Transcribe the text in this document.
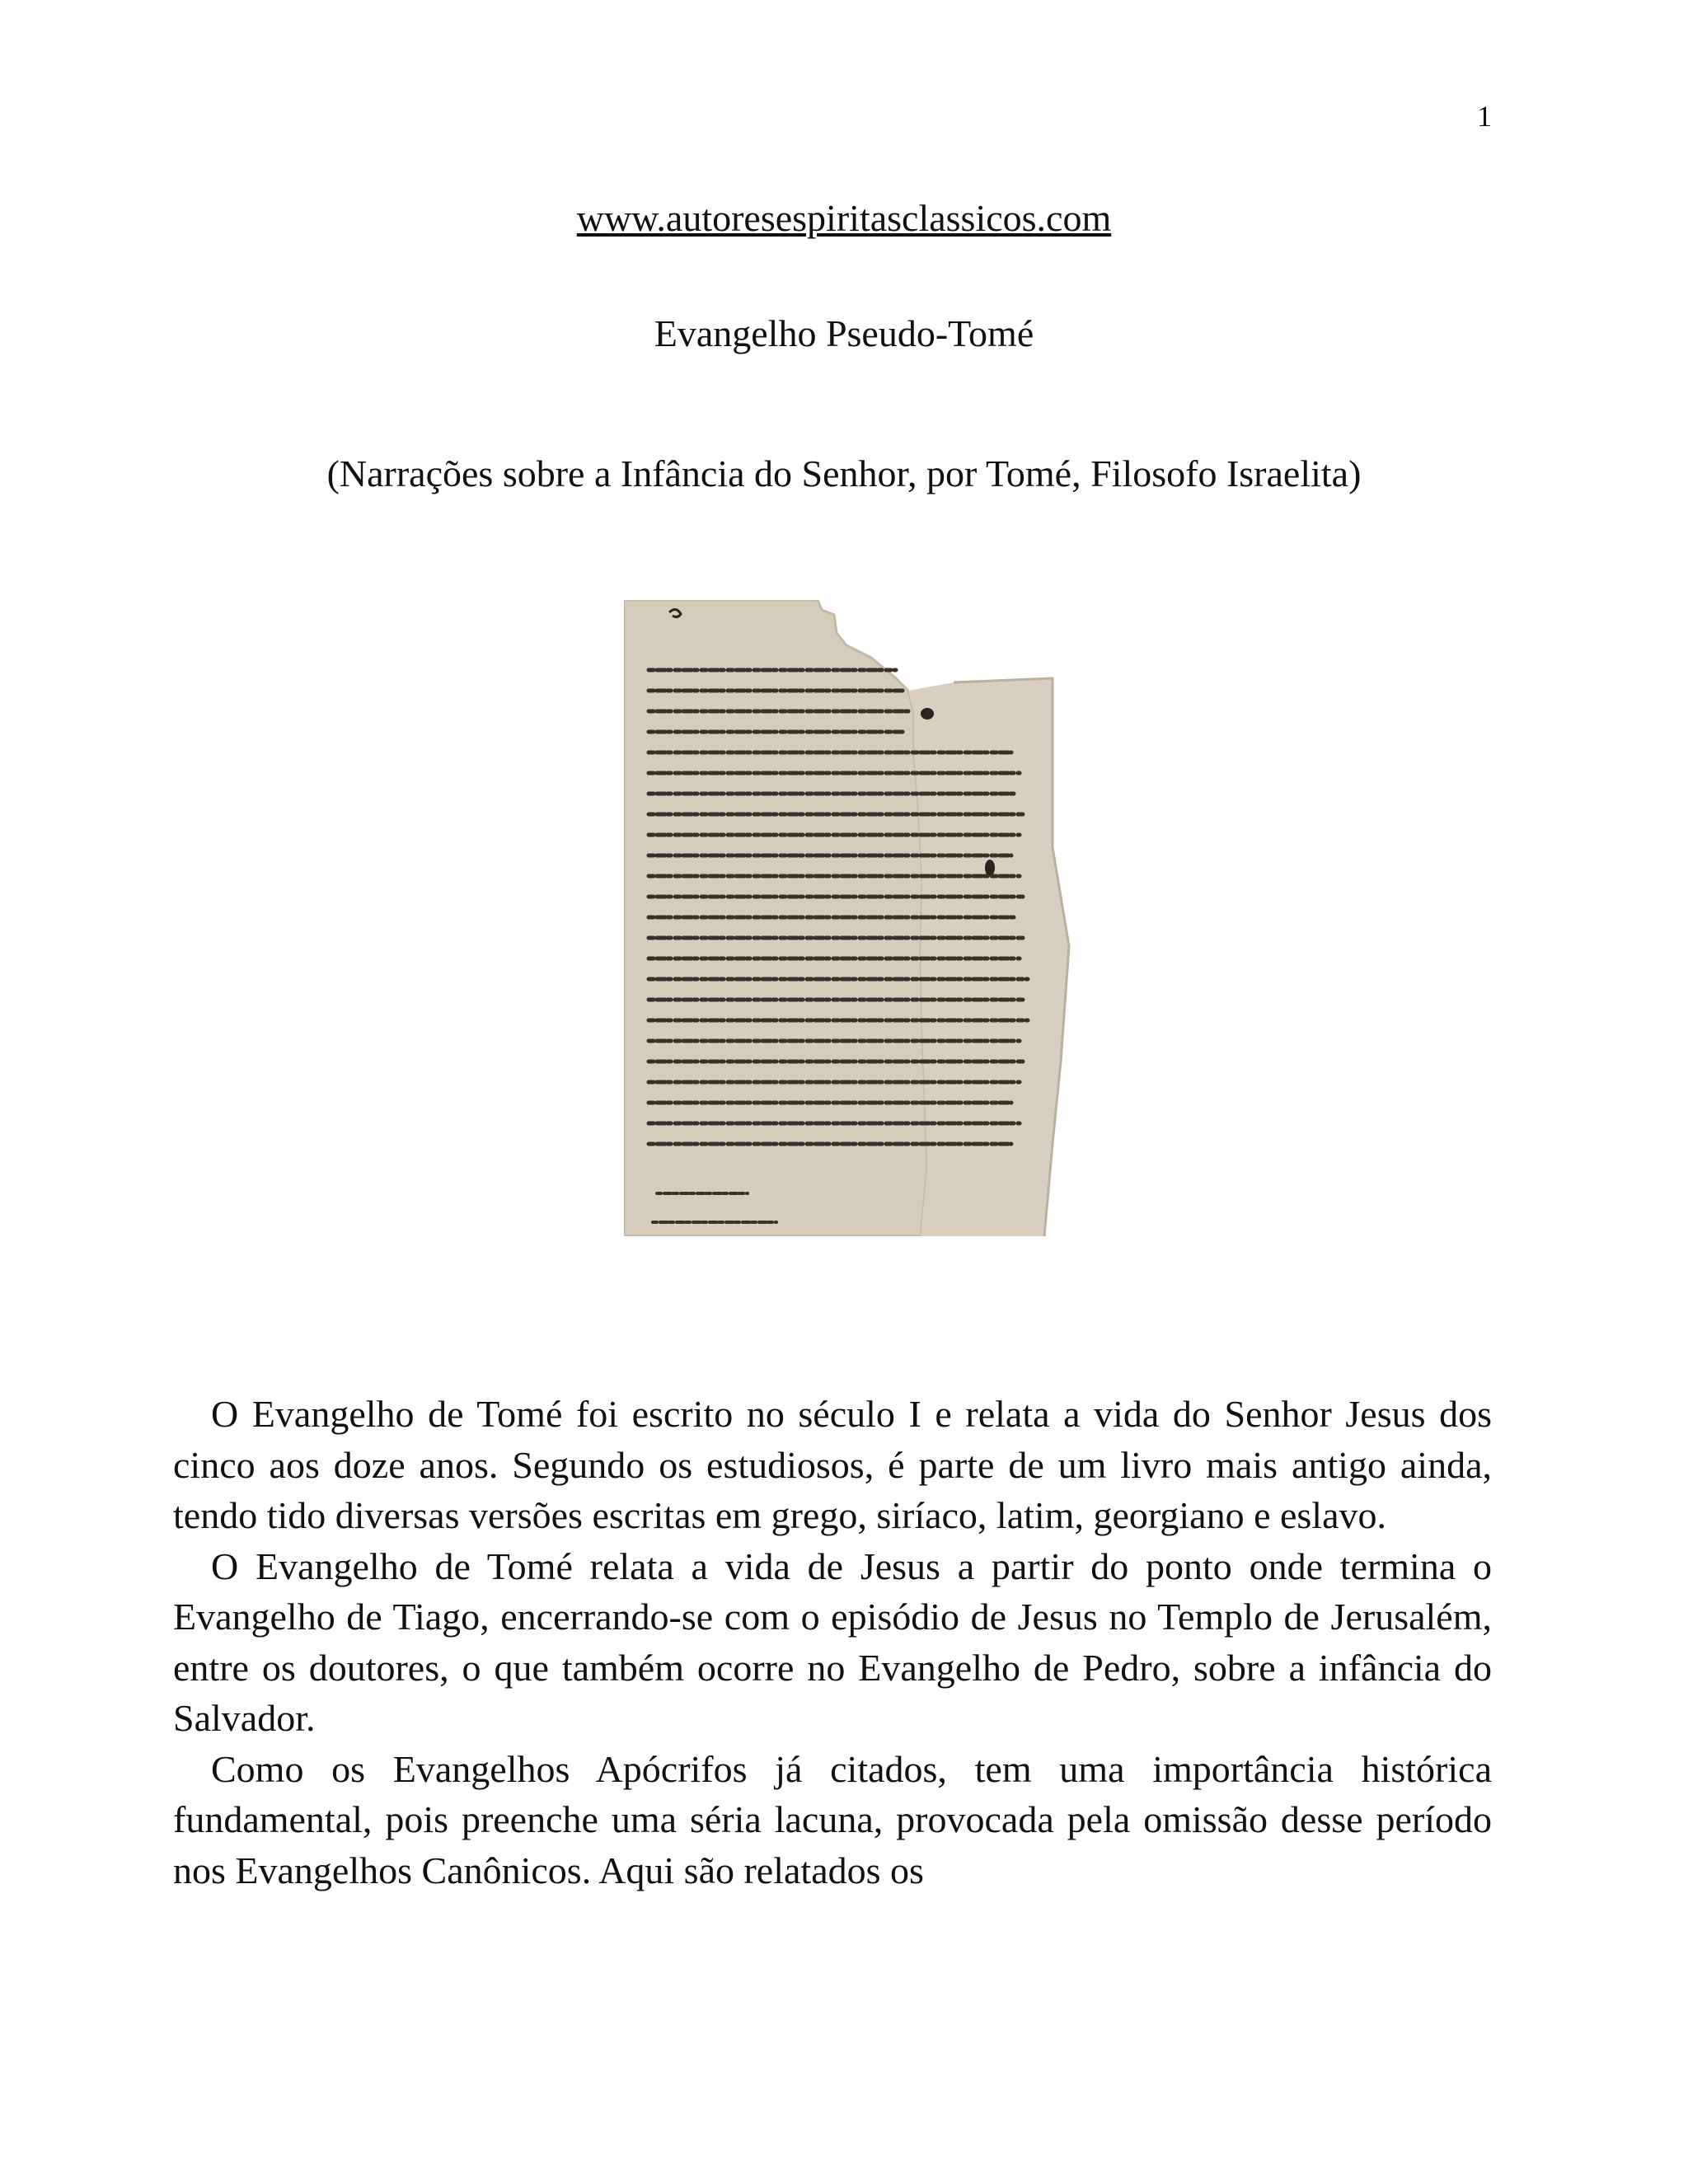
1
www.autoresespiritasclassicos.com
Evangelho Pseudo-Tomé
(Narrações sobre a Infância do Senhor, por Tomé, Filosofo Israelita)

O Evangelho de Tomé foi escrito no século I e relata a vida do Senhor Jesus dos cinco aos doze anos. Segundo os estudiosos, é parte de um livro mais antigo ainda, tendo tido diversas versões escritas em grego, siríaco, latim, georgiano e eslavo.

O Evangelho de Tomé relata a vida de Jesus a partir do ponto onde termina o Evangelho de Tiago, encerrando-se com o episódio de Jesus no Templo de Jerusalém, entre os doutores, o que também ocorre no Evangelho de Pedro, sobre a infância do Salvador.

Como os Evangelhos Apócrifos já citados, tem uma importância histórica fundamental, pois preenche uma séria lacuna, provocada pela omissão desse período nos Evangelhos Canônicos. Aqui são relatados os
